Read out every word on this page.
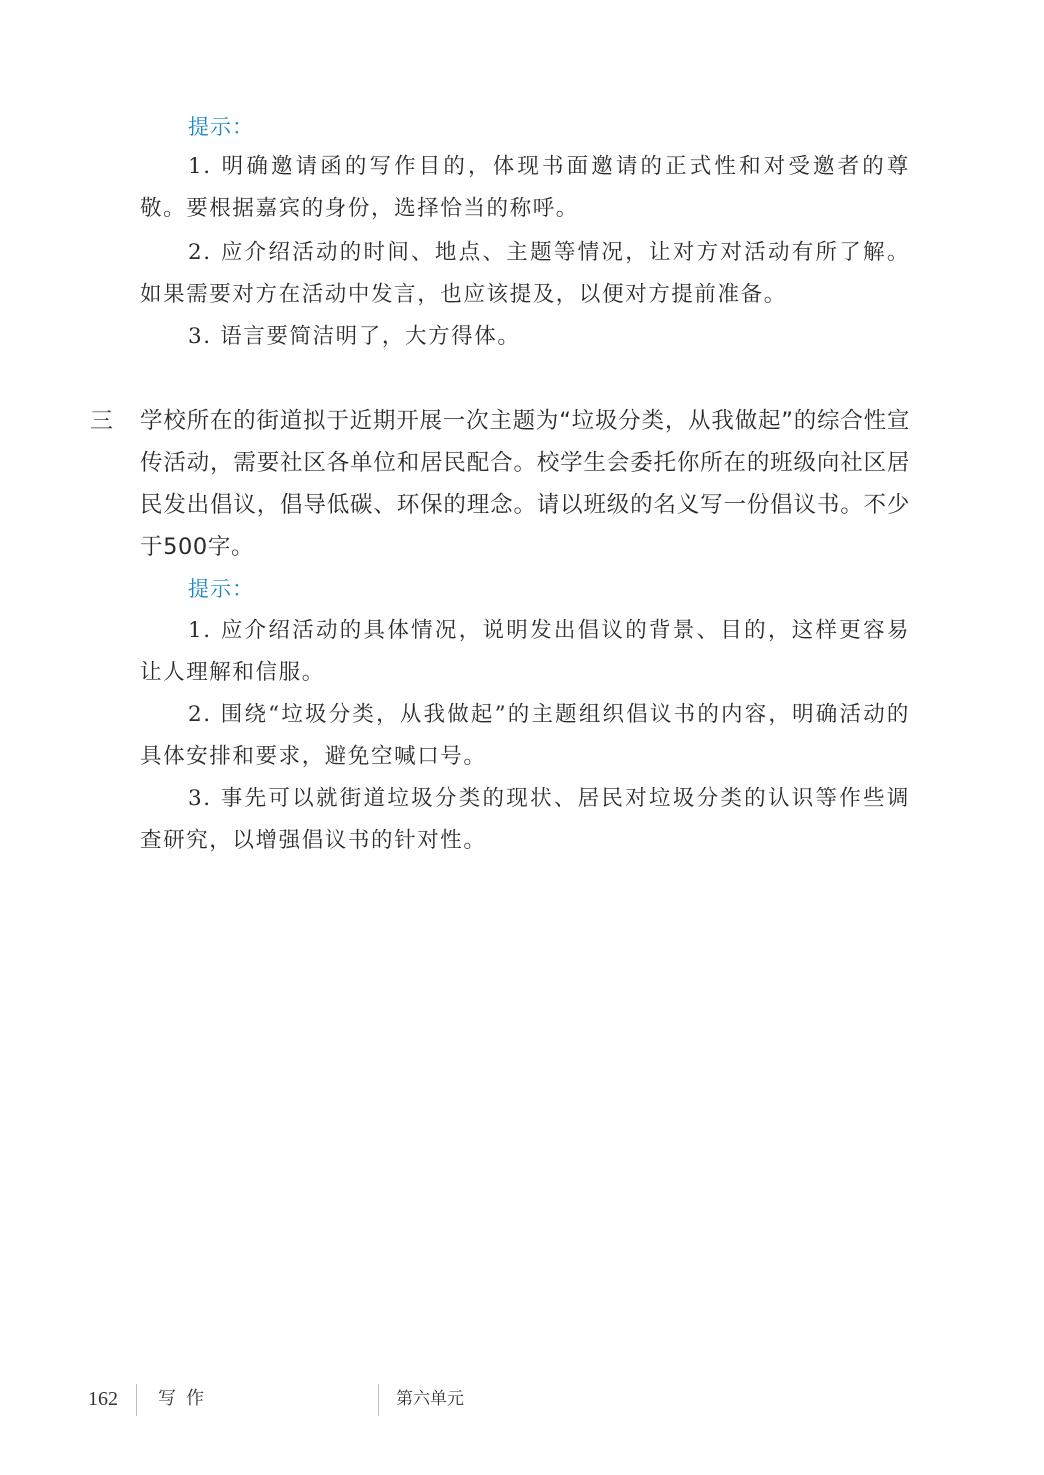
提示：

1. 明确邀请函的写作目的，体现书面邀请的正式性和对受邀者的尊敬。要根据嘉宾的身份，选择恰当的称呼。

2. 应介绍活动的时间、地点、主题等情况，让对方对活动有所了解。如果需要对方在活动中发言，也应该提及，以便对方提前准备。

3. 语言要简洁明了，大方得体。

三 学校所在的街道拟于近期开展一次主题为“垃圾分类，从我做起”的综合性宣传活动，需要社区各单位和居民配合。校学生会委托你所在的班级向社区居民发出倡议，倡导低碳、环保的理念。请以班级的名义写一份倡议书。不少于500字。

提示：

1. 应介绍活动的具体情况，说明发出倡议的背景、目的，这样更容易让人理解和信服。

2. 围绕“垃圾分类，从我做起”的主题组织倡议书的内容，明确活动的具体安排和要求，避免空喊口号。

3. 事先可以就街道垃圾分类的现状、居民对垃圾分类的认识等作些调查研究，以增强倡议书的针对性。

162 写作	第六单元
